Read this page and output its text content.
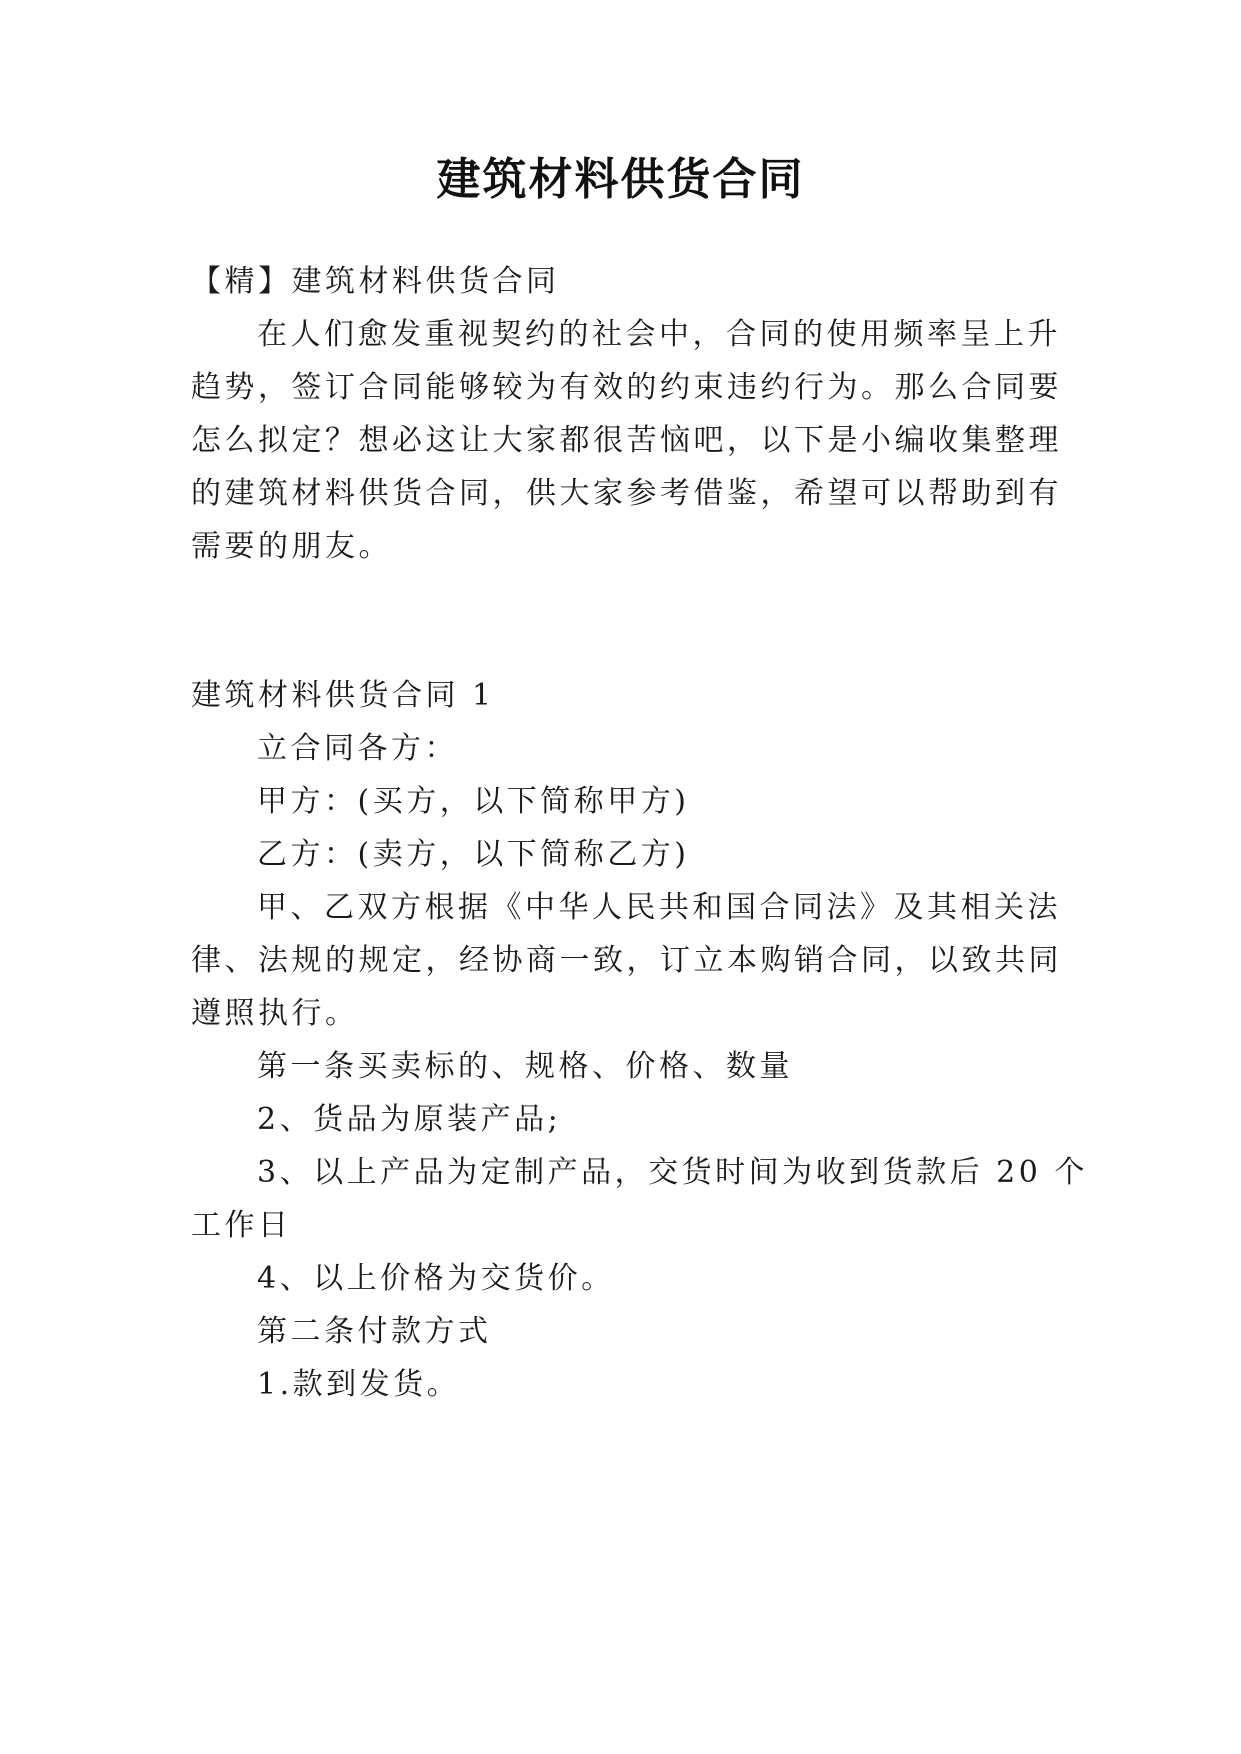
建筑材料供货合同
【精】建筑材料供货合同
在人们愈发重视契约的社会中，合同的使用频率呈上升
趋势，签订合同能够较为有效的约束违约行为。那么合同要
怎么拟定？想必这让大家都很苦恼吧，以下是小编收集整理
的建筑材料供货合同，供大家参考借鉴，希望可以帮助到有
需要的朋友。
建筑材料供货合同 1
立合同各方：
甲方：(买方，以下简称甲方)
乙方：(卖方，以下简称乙方)
甲、乙双方根据《中华人民共和国合同法》及其相关法
律、法规的规定，经协商一致，订立本购销合同，以致共同
遵照执行。
第一条买卖标的、规格、价格、数量
2、货品为原装产品;
3、以上产品为定制产品，交货时间为收到货款后 20 个
工作日
4、以上价格为交货价。
第二条付款方式
1.款到发货。
